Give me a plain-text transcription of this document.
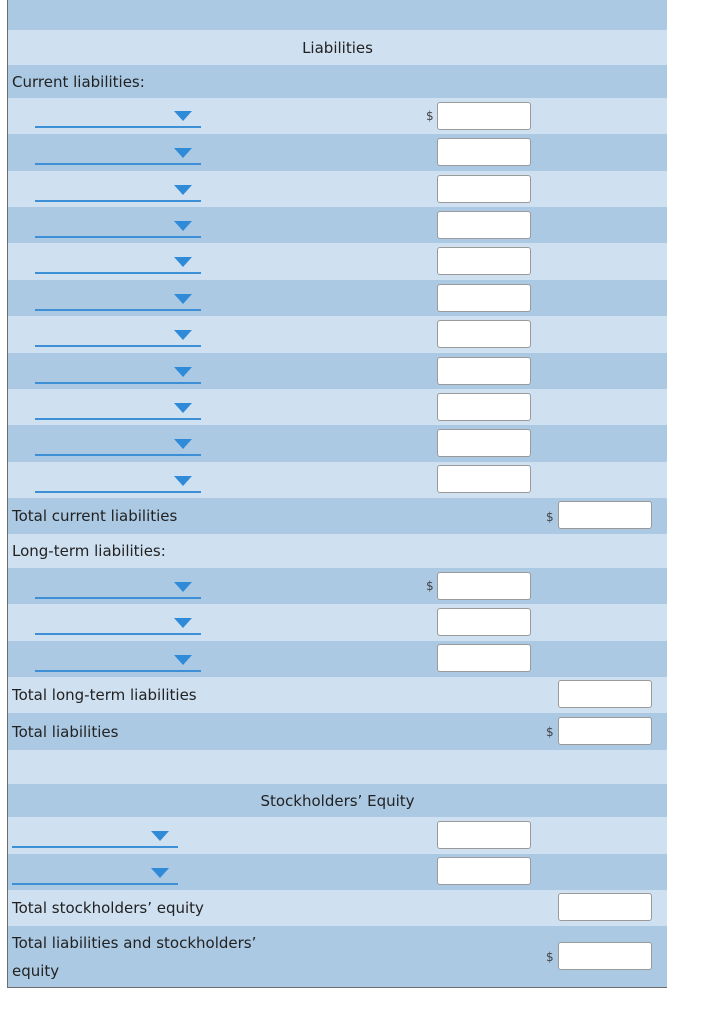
Liabilities
Current liabilities:
$
Total current liabilities	$
Long-term liabilities:
$
Total long-term liabilities
Total liabilities	$
Stockholders’ Equity
Total stockholders’ equity
Total liabilities and stockholders’
equity
$
